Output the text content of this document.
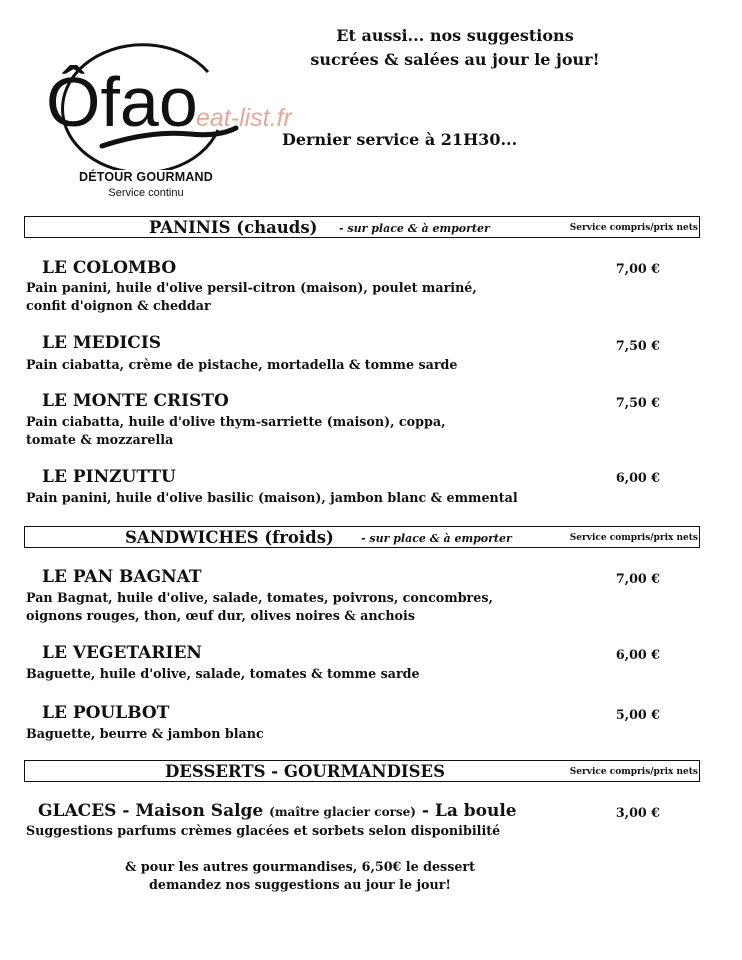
Ôfao
DÉTOUR GOURMAND
Service continu
eat-list.fr
Et aussi... nos suggestions
sucrées & salées au jour le jour!
Dernier service à 21H30...
PANINIS (chauds) - sur place & à emporter	Service compris/prix nets
LE COLOMBO	7,00 €
Pain panini, huile d'olive persil-citron (maison), poulet mariné,
confit d'oignon & cheddar
LE MEDICIS	7,50 €
Pain ciabatta, crème de pistache, mortadella & tomme sarde
LE MONTE CRISTO	7,50 €
Pain ciabatta, huile d'olive thym-sarriette (maison), coppa,
tomate & mozzarella
LE PINZUTTU	6,00 €
Pain panini, huile d'olive basilic (maison), jambon blanc & emmental
SANDWICHES (froids) - sur place & à emporter	Service compris/prix nets
LE PAN BAGNAT	7,00 €
Pan Bagnat, huile d'olive, salade, tomates, poivrons, concombres,
oignons rouges, thon, œuf dur, olives noires & anchois
LE VEGETARIEN	6,00 €
Baguette, huile d'olive, salade, tomates & tomme sarde
LE POULBOT	5,00 €
Baguette, beurre & jambon blanc
DESSERTS - GOURMANDISES	Service compris/prix nets
GLACES - Maison Salge (maître glacier corse) - La boule	3,00 €
Suggestions parfums crèmes glacées et sorbets selon disponibilité
& pour les autres gourmandises, 6,50€ le dessert
demandez nos suggestions au jour le jour!
